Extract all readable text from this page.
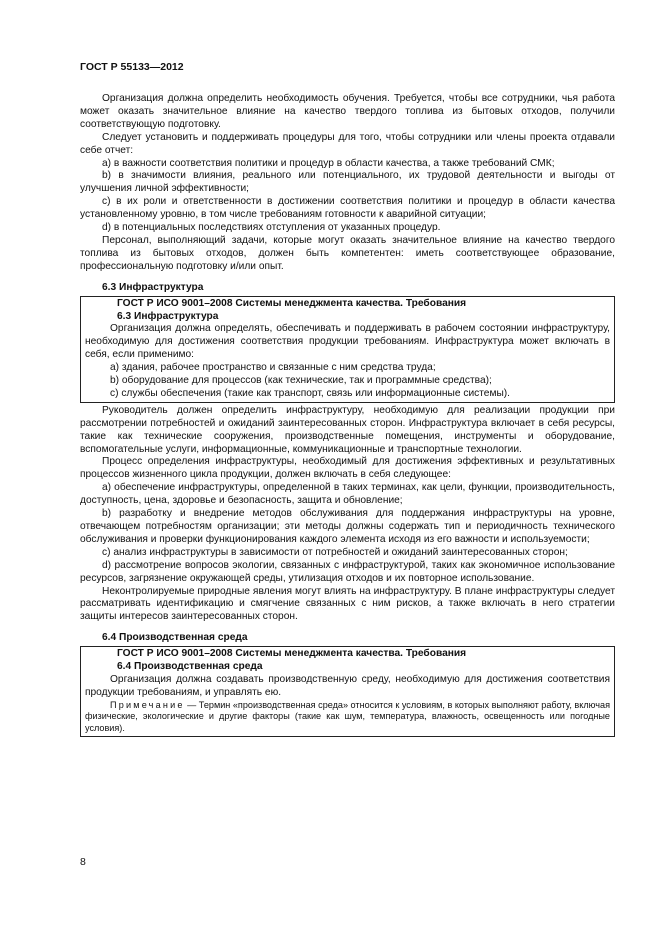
ГОСТ Р 55133—2012

Организация должна определить необходимость обучения. Требуется, чтобы все сотрудники, чья работа может оказать значительное влияние на качество твердого топлива из бытовых отходов, получили соответствующую подготовку.

Следует установить и поддерживать процедуры для того, чтобы сотрудники или члены проекта отдавали себе отчет:

а) в важности соответствия политики и процедур в области качества, а также требований СМК;

b) в значимости влияния, реального или потенциального, их трудовой деятельности и выгоды от улучшения личной эффективности;

с) в их роли и ответственности в достижении соответствия политики и процедур в области качества установленному уровню, в том числе требованиям готовности к аварийной ситуации;

d) в потенциальных последствиях отступления от указанных процедур.

Персонал, выполняющий задачи, которые могут оказать значительное влияние на качество твердого топлива из бытовых отходов, должен быть компетентен: иметь соответствующее образование, профессиональную подготовку и/или опыт.

6.3 Инфраструктура

ГОСТ Р ИСО 9001–2008 Системы менеджмента качества. Требования

6.3 Инфраструктура

Организация должна определять, обеспечивать и поддерживать в рабочем состоянии инфраструктуру, необходимую для достижения соответствия продукции требованиям. Инфраструктура может включать в себя, если применимо:

а) здания, рабочее пространство и связанные с ним средства труда;

b) оборудование для процессов (как технические, так и программные средства);

с) службы обеспечения (такие как транспорт, связь или информационные системы).

Руководитель должен определить инфраструктуру, необходимую для реализации продукции при рассмотрении потребностей и ожиданий заинтересованных сторон. Инфраструктура включает в себя ресурсы, такие как технические сооружения, производственные помещения, инструменты и оборудование, вспомогательные услуги, информационные, коммуникационные и транспортные технологии.

Процесс определения инфраструктуры, необходимый для достижения эффективных и результативных процессов жизненного цикла продукции, должен включать в себя следующее:

а) обеспечение инфраструктуры, определенной в таких терминах, как цели, функции, производительность, доступность, цена, здоровье и безопасность, защита и обновление;

b) разработку и внедрение методов обслуживания для поддержания инфраструктуры на уровне, отвечающем потребностям организации; эти методы должны содержать тип и периодичность технического обслуживания и проверки функционирования каждого элемента исходя из его важности и используемости;

с) анализ инфраструктуры в зависимости от потребностей и ожиданий заинтересованных сторон;

d) рассмотрение вопросов экологии, связанных с инфраструктурой, таких как экономичное использование ресурсов, загрязнение окружающей среды, утилизация отходов и их повторное использование.

Неконтролируемые природные явления могут влиять на инфраструктуру. В плане инфраструктуры следует рассматривать идентификацию и смягчение связанных с ним рисков, а также включать в него стратегии защиты интересов заинтересованных сторон.

6.4 Производственная среда

ГОСТ Р ИСО 9001–2008 Системы менеджмента качества. Требования

6.4 Производственная среда

Организация должна создавать производственную среду, необходимую для достижения соответствия продукции требованиям, и управлять ею.

Примечание — Термин «производственная среда» относится к условиям, в которых выполняют работу, включая физические, экологические и другие факторы (такие как шум, температура, влажность, освещенность или погодные условия).

8
